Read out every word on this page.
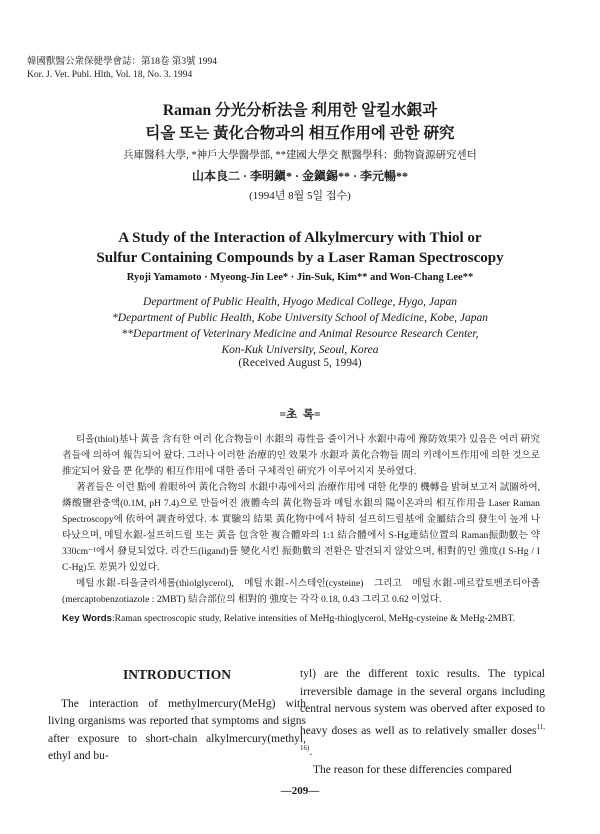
韓國獸醫公衆保健學會誌：第18卷 第3號 1994
Kor. J. Vet. Publ. Hlth, Vol. 18, No. 3. 1994
Raman 分光分析法을 利用한 알킬水銀과
티올 또는 黃化合物과의 相互作用에 관한 硏究
兵庫醫科大學, *神戶大學醫學部, **建國大學交 獸醫學科：動物資源硏究센터
山本良二 · 李明鎭* · 金鎭錫** · 李元暢**
(1994년 8월 5일 접수)
A Study of the Interaction of Alkylmercury with Thiol or
Sulfur Containing Compounds by a Laser Raman Spectroscopy
Ryoji Yamamoto · Myeong-Jin Lee* · Jin-Suk, Kim** and Won-Chang Lee**
Department of Public Health, Hyogo Medical College, Hygo, Japan
*Department of Public Health, Kobe University School of Medicine, Kobe, Japan
**Department of Veterinary Medicine and Animal Resource Research Center,
Kon-Kuk University, Seoul, Korea
(Received August 5, 1994)
=초  록=

티올(thiol)基나 黃을 含有한 여러 化合物들이 水銀의 毒性을 줄이거나 水銀中毒에 豫防效果가 있음은 여러 硏究者들에 의하여 報告되어 왔다. 그러나 이러한 治療的인 效果가 水銀과 黃化合物들 間의 키레이트作用에 의한 것으로 推定되어 왔을 뿐 化學的 相互作用에 대한 좀더 구체적인 硏究가 이루어지지 못하였다.

著者들은 이런 點에 着眼하여 黃化合物의 水銀中毒에서의 治療作用에 대한 化學的 機轉을 밝혀보고저 試圖하여, 燐酸鹽완충액(0.1M, pH 7.4)으로 만들어진 液體속의 黃化物들과 메틸水銀의 陽이온과의 相互作用을 Laser Raman Spectroscopy에 依하여 調査하였다. 本 實驗의 結果 黃化物中에서 特히 설프히드릴基에 金屬結合의 發生이 높게 나타났으며, 메틸水銀-설프히드릴 또는 黃을 包含한 複合體와의 1:1 結合體에서 S-Hg連結位置의 Raman振動數는 약 330cm⁻¹에서 發見되었다. 리간드(ligand)를 變化시킨 振動數의 전환은 발견되지 않았으며, 相對的인 強度(I S-Hg / I C-Hg)도 差異가 있었다.

메틸水銀-티올글리세롤(thiolglycerol),   메틸水銀-시스테인(cysteine)   그리고   메틸水銀-메르캅토벤조티아졸(mercaptobenzotiazole : 2MBT) 結合部位의 相對的 強度는 각각 0.18, 0.43 그리고 0.62 이었다.

Key Words:Raman spectroscopic study, Relative intensities of MeHg-thioglycerol, MeHg-cysteine & MeHg-2MBT.
INTRODUCTION

The interaction of methylmercury(MeHg) with living organisms was reported that symptoms and signs after exposure to short-chain alkylmercury(methyl, ethyl and bu-

tyl) are the different toxic results. The typical irreversible damage in the several organs including central nervous system was oberved after exposed to heavy doses as well as to relatively smaller doses$^{11, 16)}$.

The reason for these differencies compared

—209—
